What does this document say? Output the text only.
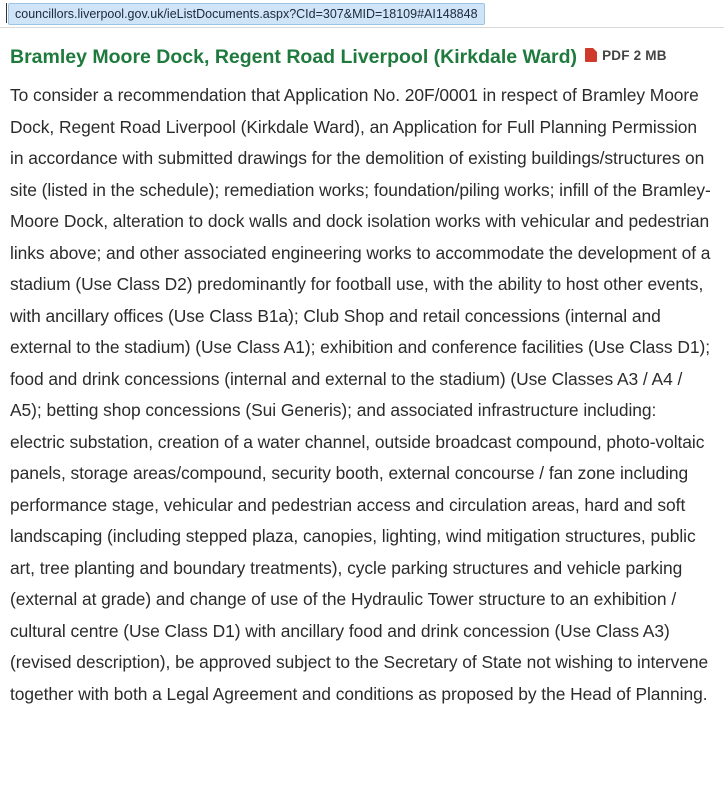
councillors.liverpool.gov.uk/ieListDocuments.aspx?CId=307&MID=18109#AI148848
Bramley Moore Dock, Regent Road Liverpool (Kirkdale Ward) PDF 2 MB

To consider a recommendation that Application No. 20F/0001 in respect of Bramley Moore Dock, Regent Road Liverpool (Kirkdale Ward), an Application for Full Planning Permission in accordance with submitted drawings for the demolition of existing buildings/structures on site (listed in the schedule); remediation works; foundation/piling works; infill of the Bramley-Moore Dock, alteration to dock walls and dock isolation works with vehicular and pedestrian links above; and other associated engineering works to accommodate the development of a stadium (Use Class D2) predominantly for football use, with the ability to host other events, with ancillary offices (Use Class B1a); Club Shop and retail concessions (internal and external to the stadium) (Use Class A1); exhibition and conference facilities (Use Class D1); food and drink concessions (internal and external to the stadium) (Use Classes A3 / A4 / A5); betting shop concessions (Sui Generis); and associated infrastructure including: electric substation, creation of a water channel, outside broadcast compound, photo-voltaic panels, storage areas/compound, security booth, external concourse / fan zone including performance stage, vehicular and pedestrian access and circulation areas, hard and soft landscaping (including stepped plaza, canopies, lighting, wind mitigation structures, public art, tree planting and boundary treatments), cycle parking structures and vehicle parking (external at grade) and change of use of the Hydraulic Tower structure to an exhibition / cultural centre (Use Class D1) with ancillary food and drink concession (Use Class A3) (revised description), be approved subject to the Secretary of State not wishing to intervene together with both a Legal Agreement and conditions as proposed by the Head of Planning.
